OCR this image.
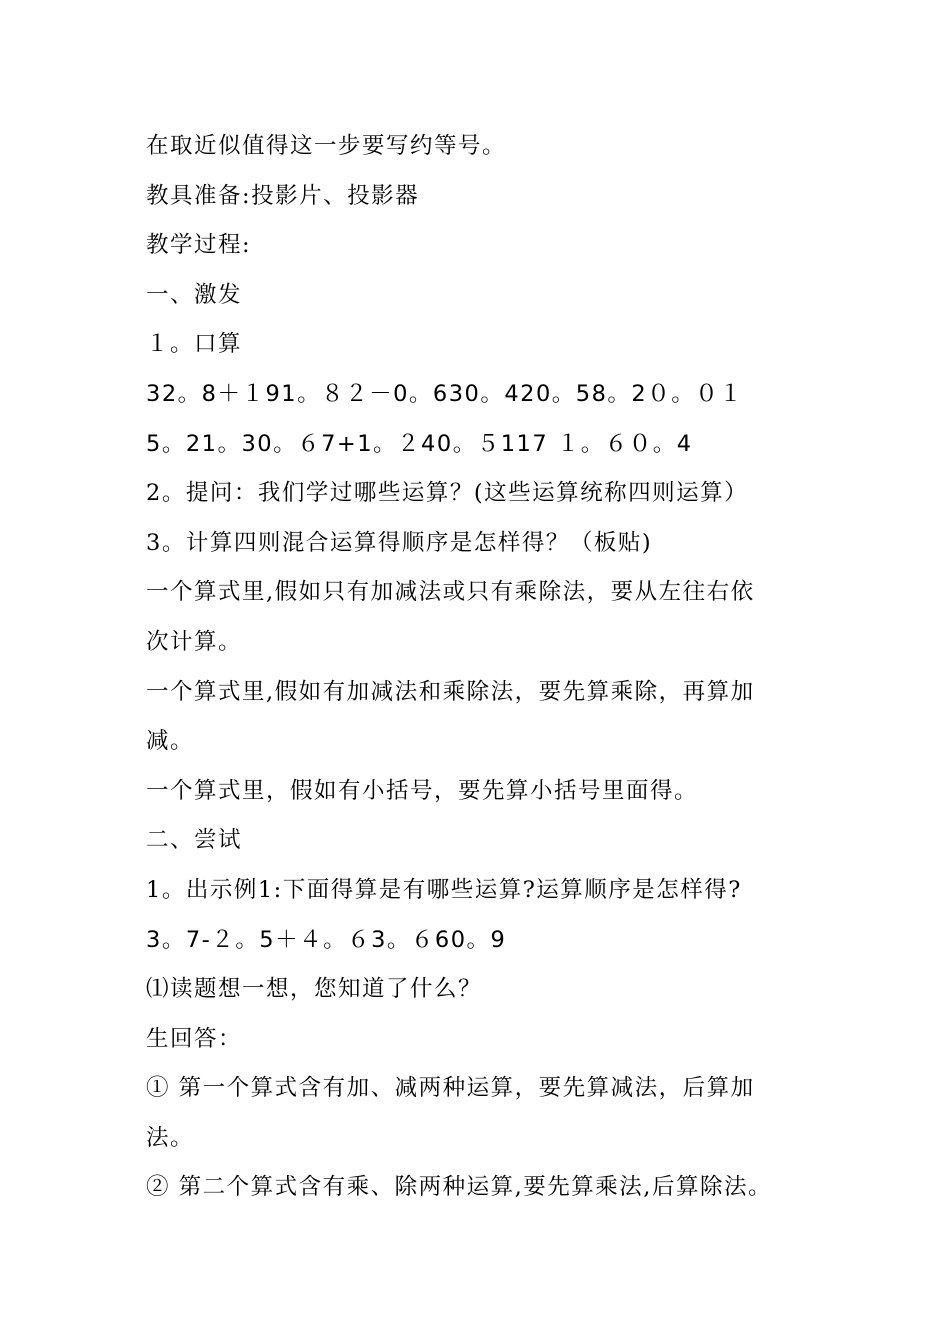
在取近似值得这一步要写约等号。
教具准备:投影片、投影器
教学过程:
一、激发
１。口算
32。8＋１91。８２－0。630。420。58。2０。０１
5。21。30。６7+1。２40。５117 １。６０。4
2。提问：我们学过哪些运算？(这些运算统称四则运算）
3。计算四则混合运算得顺序是怎样得？（板贴)
一个算式里,假如只有加减法或只有乘除法，要从左往右依
次计算。
一个算式里,假如有加减法和乘除法，要先算乘除，再算加
减。
一个算式里，假如有小括号，要先算小括号里面得。
二、尝试
1。出示例1:下面得算是有哪些运算?运算顺序是怎样得?
3。7-２。5＋４。６3。６60。9
⑴读题想一想，您知道了什么？
生回答：
① 第一个算式含有加、减两种运算，要先算减法，后算加
法。
② 第二个算式含有乘、除两种运算,要先算乘法,后算除法。
